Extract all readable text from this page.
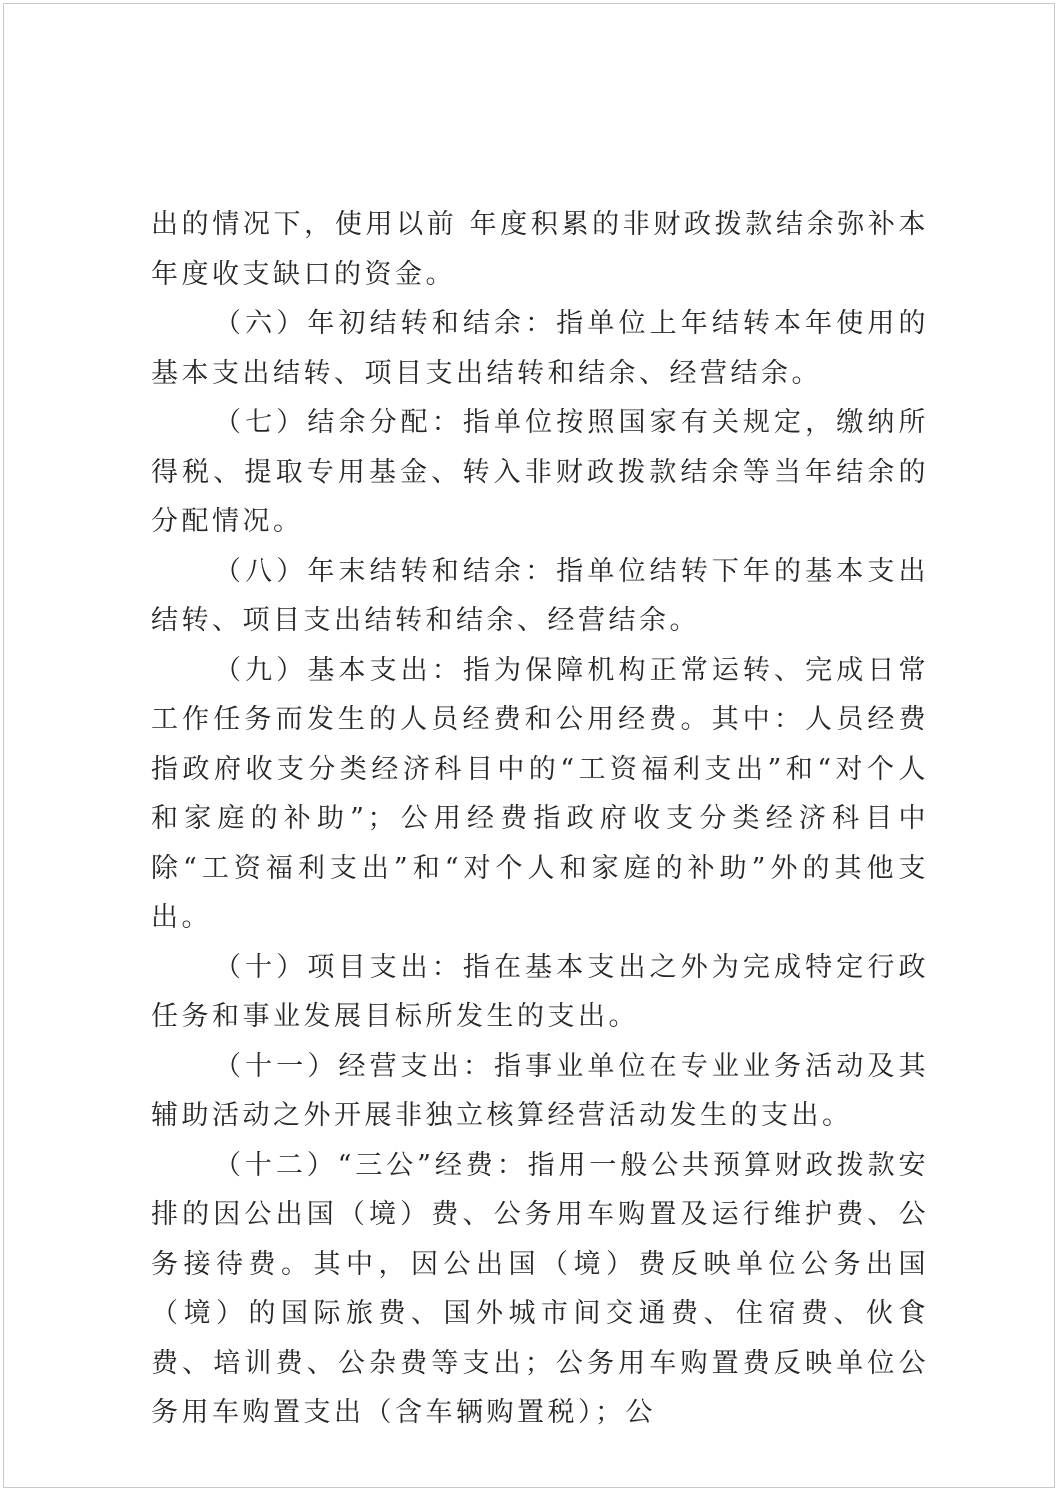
出的情况下，使用以前 年度积累的非财政拨款结余弥补本年度收支缺口的资金。

（六）年初结转和结余：指单位上年结转本年使用的基本支出结转、项目支出结转和结余、经营结余。

（七）结余分配：指单位按照国家有关规定，缴纳所得税、提取专用基金、转入非财政拨款结余等当年结余的分配情况。

（八）年末结转和结余：指单位结转下年的基本支出结转、项目支出结转和结余、经营结余。

（九）基本支出：指为保障机构正常运转、完成日常工作任务而发生的人员经费和公用经费。其中：人员经费指政府收支分类经济科目中的“工资福利支出”和“对个人和家庭的补助”；公用经费指政府收支分类经济科目中除“工资福利支出”和“对个人和家庭的补助”外的其他支出。

（十）项目支出：指在基本支出之外为完成特定行政任务和事业发展目标所发生的支出。

（十一）经营支出：指事业单位在专业业务活动及其辅助活动之外开展非独立核算经营活动发生的支出。

（十二）“三公”经费：指用一般公共预算财政拨款安排的因公出国（境）费、公务用车购置及运行维护费、公务接待费。其中，因公出国（境）费反映单位公务出国（境）的国际旅费、国外城市间交通费、住宿费、伙食费、培训费、公杂费等支出；公务用车购置费反映单位公务用车购置支出（含车辆购置税）；公
